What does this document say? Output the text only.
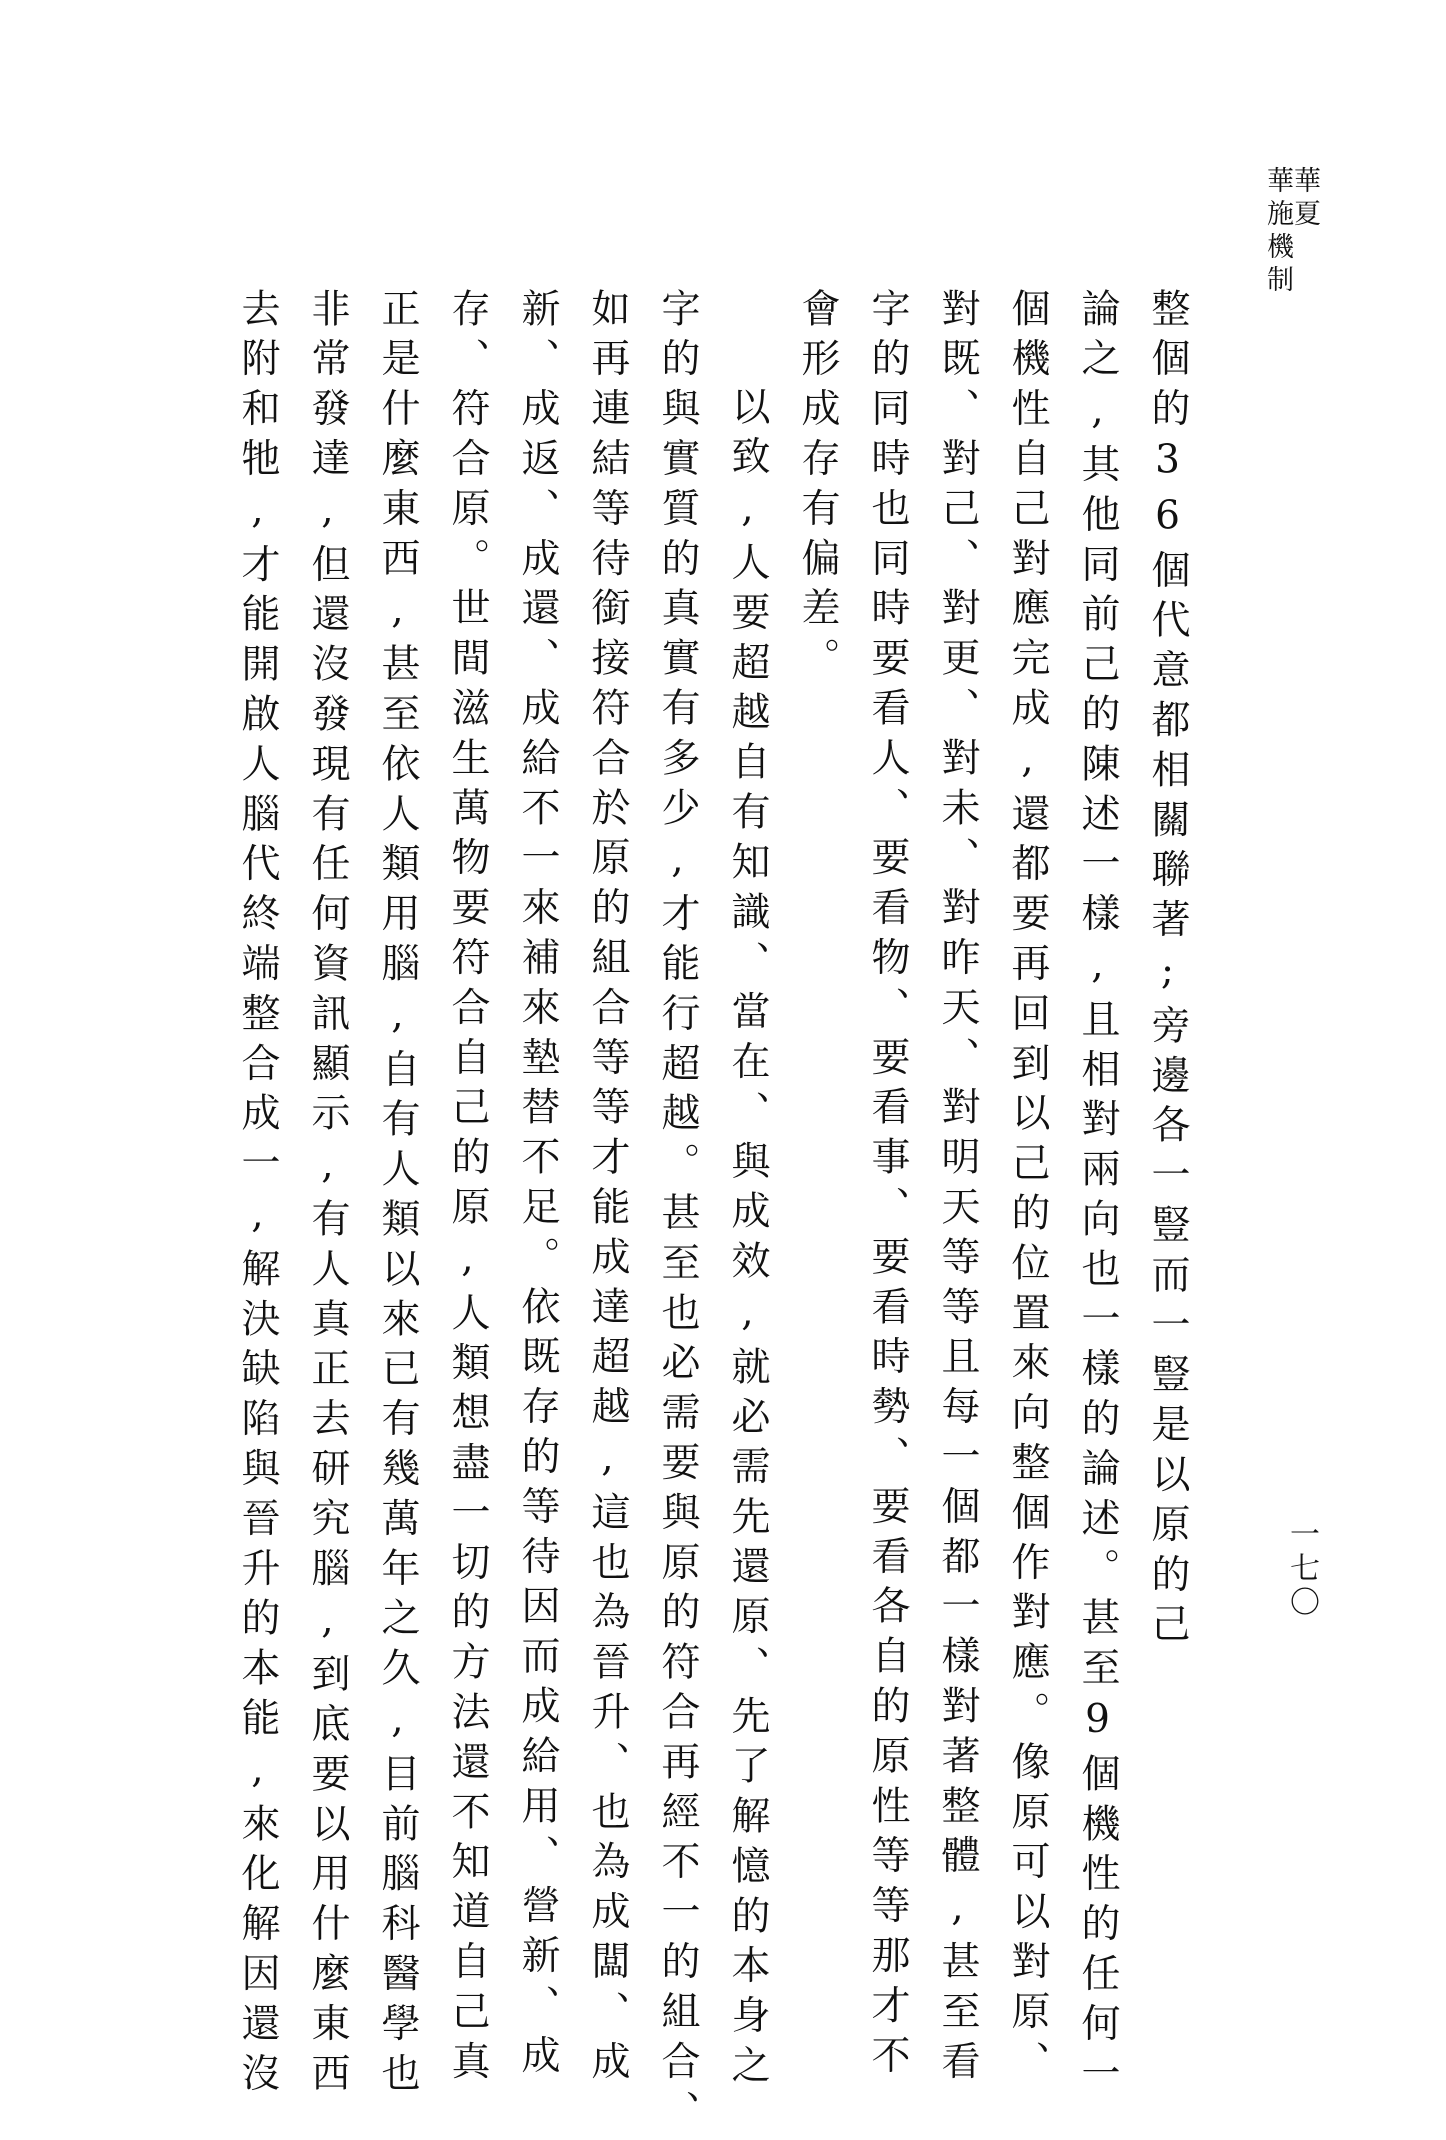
華夏
華施機制
一七〇
整個的36個代意都相關聯著;旁邊各一豎而一豎是以原的己
論之,其他同前己的陳述一樣,且相對兩向也一樣的論述。甚至9個機性的任何一
個機性自己對應完成,還都要再回到以己的位置來向整個作對應。像原可以對原、
對既、對己、對更、對未、對昨天、對明天等等且每一個都一樣對著整體,甚至看
字的同時也同時要看人、要看物、要看事、要看時勢、要看各自的原性等等那才不
會形成存有偏差。
以致,人要超越自有知識、當在、與成效,就必需先還原、先了解憶的本身之
字的與實質的真實有多少,才能行超越。甚至也必需要與原的符合再經不一的組合、
如再連結等待銜接符合於原的組合等等才能成達超越,這也為晉升、也為成闆、成
新、成返、成還、成給不一來補來墊替不足。依既存的等待因而成給用、營新、成
存、符合原。世間滋生萬物要符合自己的原,人類想盡一切的方法還不知道自己真
正是什麼東西,甚至依人類用腦,自有人類以來已有幾萬年之久,目前腦科醫學也
非常發達,但還沒發現有任何資訊顯示,有人真正去研究腦,到底要以用什麼東西
去附和牠,才能開啟人腦代終端整合成一,解決缺陷與晉升的本能,來化解因還沒
